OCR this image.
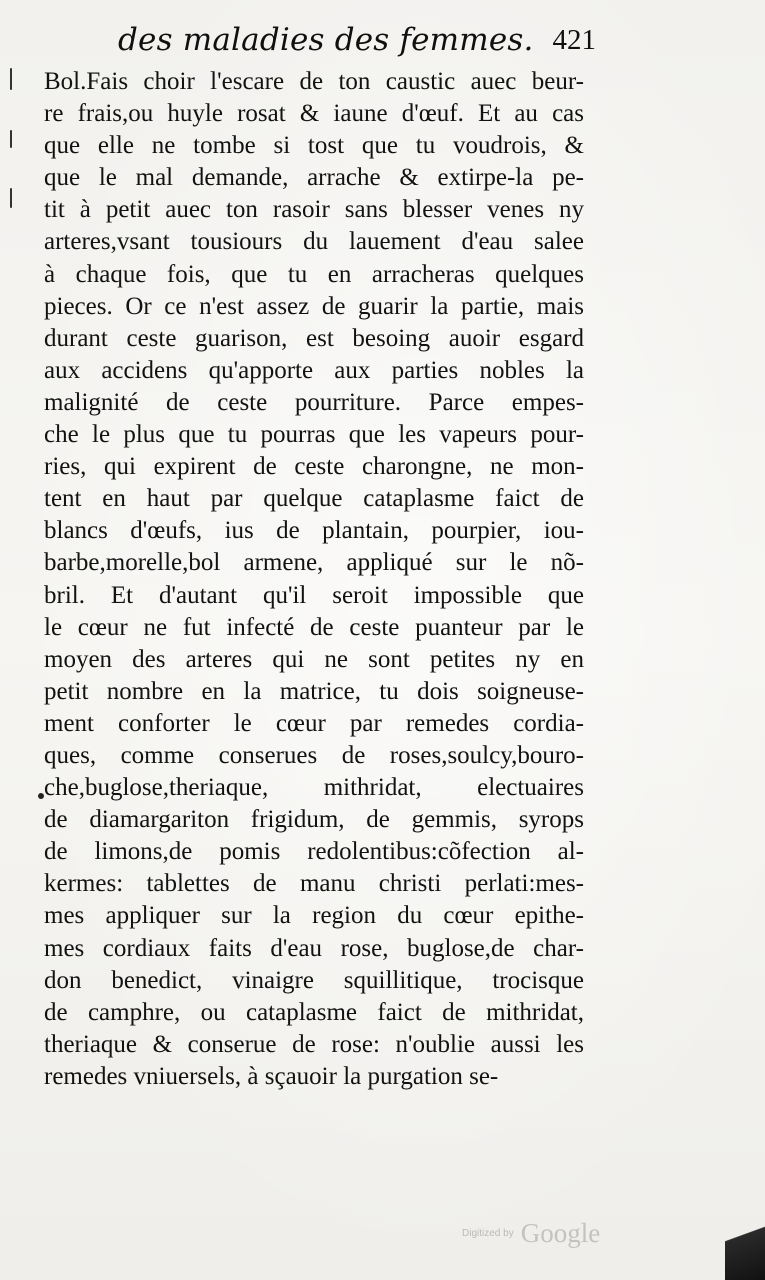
des maladies des femmes. 421
Bol.Fais choir l'escare de ton caustic auec beur-
re frais,ou huyle rosat & iaune d'œuf. Et au cas
que elle ne tombe si tost que tu voudrois, &
que le mal demande, arrache & extirpe-la pe-
tit à petit auec ton rasoir sans blesser venes ny
arteres,vsant tousiours du lauement d'eau salee
à chaque fois, que tu en arracheras quelques
pieces. Or ce n'est assez de guarir la partie, mais
durant ceste guarison, est besoing auoir esgard
aux accidens qu'apporte aux parties nobles la
malignité de ceste pourriture. Parce empes-
che le plus que tu pourras que les vapeurs pour-
ries, qui expirent de ceste charongne, ne mon-
tent en haut par quelque cataplasme faict de
blancs d'œufs, ius de plantain, pourpier, iou-
barbe,morelle,bol armene, appliqué sur le nõ-
bril. Et d'autant qu'il seroit impossible que
le cœur ne fut infecté de ceste puanteur par le
moyen des arteres qui ne sont petites ny en
petit nombre en la matrice, tu dois soigneuse-
ment conforter le cœur par remedes cordia-
ques, comme conserues de roses,soulcy,bouro-
che,buglose,theriaque, mithridat, electuaires
de diamargariton frigidum, de gemmis, syrops
de limons,de pomis redolentibus:cõfection al-
kermes: tablettes de manu christi perlati:mes-
mes appliquer sur la region du cœur epithe-
mes cordiaux faits d'eau rose, buglose,de char-
don benedict, vinaigre squillitique, trocisque
de camphre, ou cataplasme faict de mithridat,
theriaque & conserue de rose: n'oublie aussi les
remedes vniuersels, à sçauoir la purgation se-
Digitized by Google
